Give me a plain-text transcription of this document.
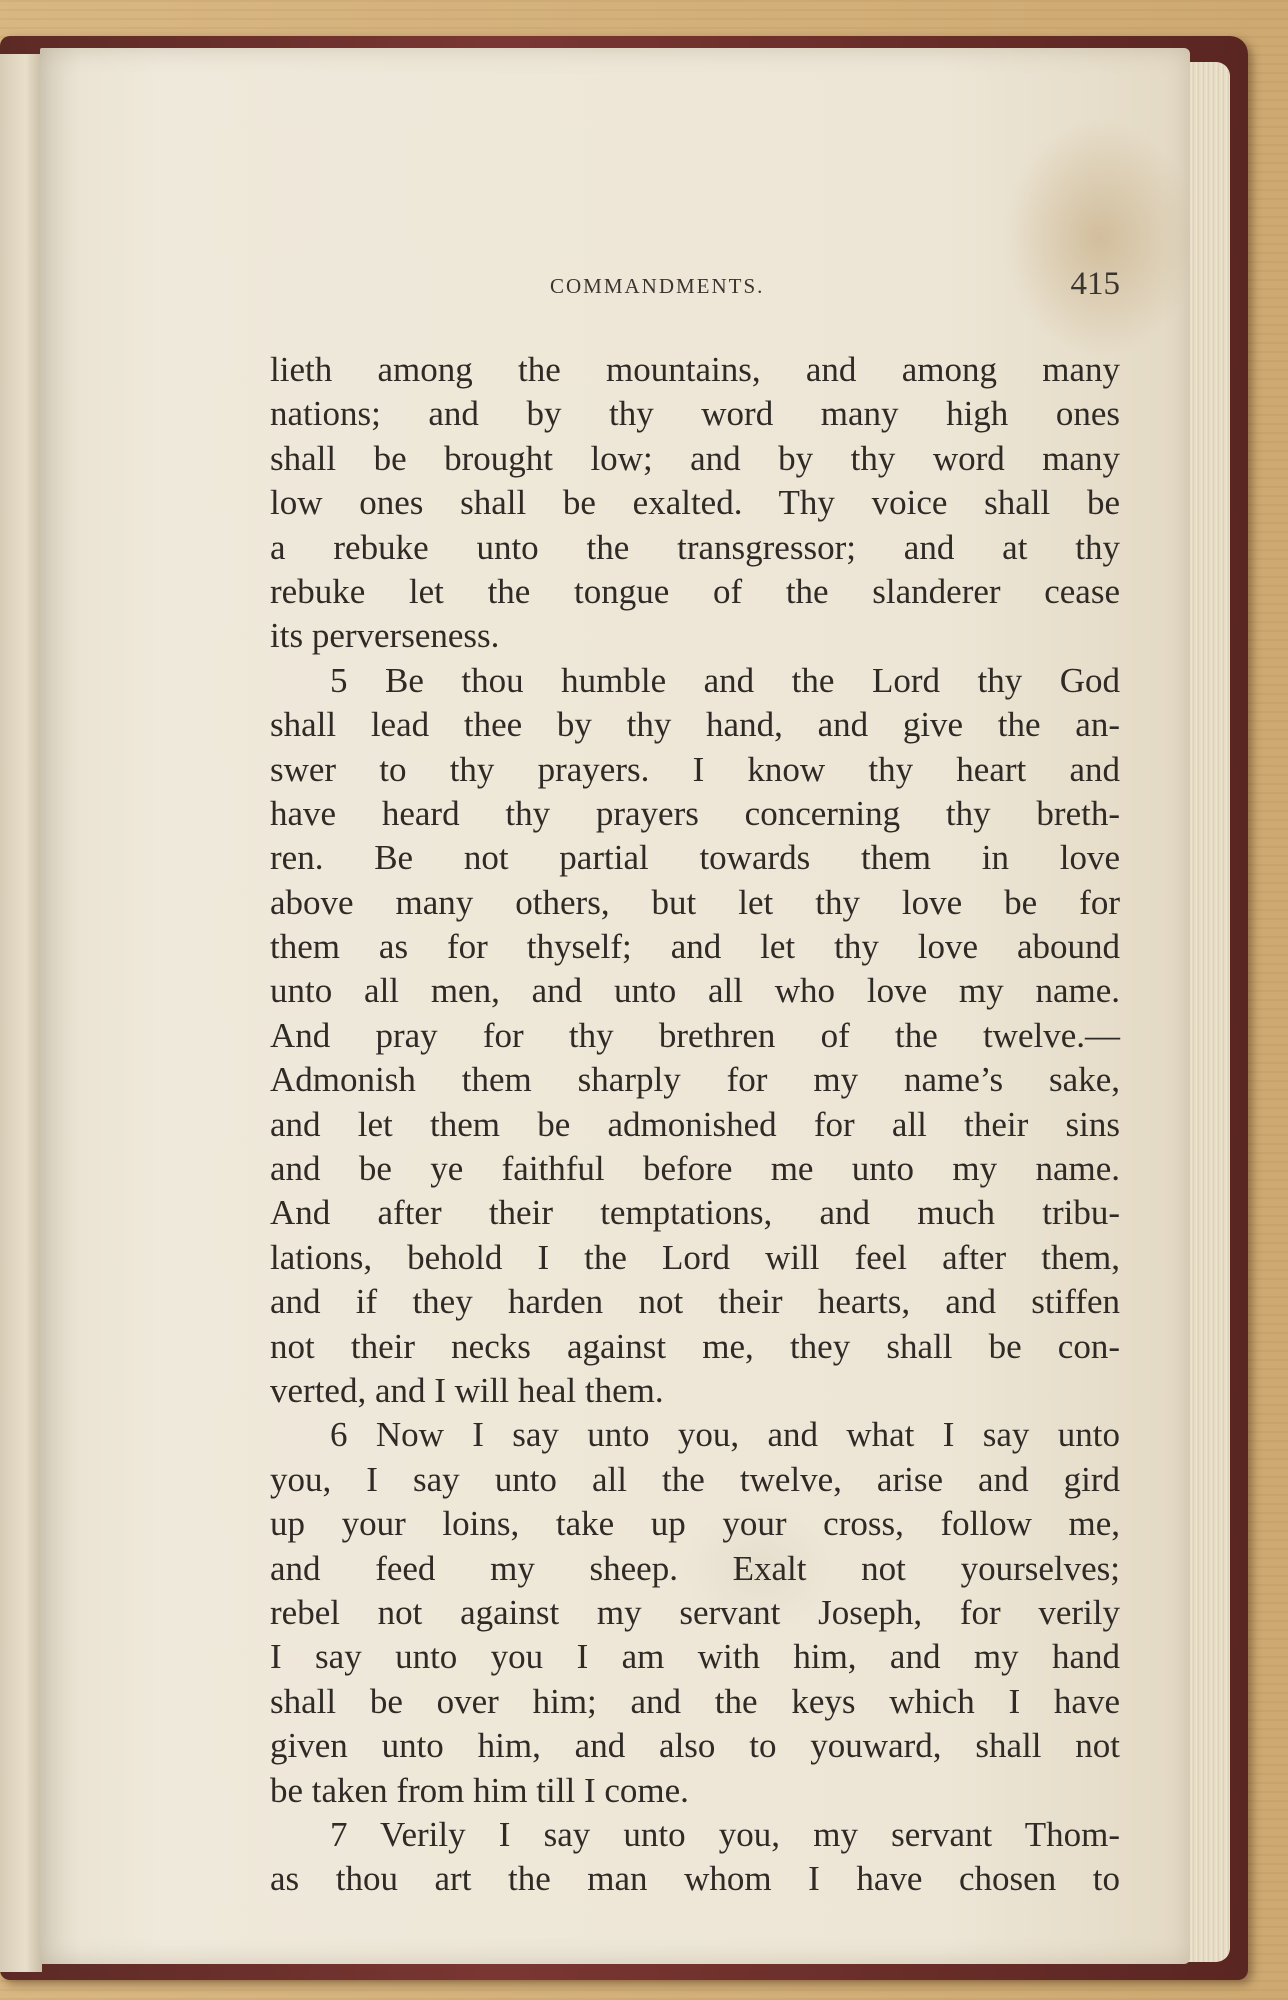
COMMANDMENTS.	415
lieth among the mountains, and among many
nations; and by thy word many high ones
shall be brought low; and by thy word many
low ones shall be exalted. Thy voice shall be
a rebuke unto the transgressor; and at thy
rebuke let the tongue of the slanderer cease
its perverseness.
5 Be thou humble and the Lord thy God
shall lead thee by thy hand, and give the an-
swer to thy prayers. I know thy heart and
have heard thy prayers concerning thy breth-
ren. Be not partial towards them in love
above many others, but let thy love be for
them as for thyself; and let thy love abound
unto all men, and unto all who love my name.
And pray for thy brethren of the twelve.—
Admonish them sharply for my name’s sake,
and let them be admonished for all their sins
and be ye faithful before me unto my name.
And after their temptations, and much tribu-
lations, behold I the Lord will feel after them,
and if they harden not their hearts, and stiffen
not their necks against me, they shall be con-
verted, and I will heal them.
6 Now I say unto you, and what I say unto
you, I say unto all the twelve, arise and gird
up your loins, take up your cross, follow me,
and feed my sheep. Exalt not yourselves;
rebel not against my servant Joseph, for verily
I say unto you I am with him, and my hand
shall be over him; and the keys which I have
given unto him, and also to youward, shall not
be taken from him till I come.
7 Verily I say unto you, my servant Thom-
as thou art the man whom I have chosen to
